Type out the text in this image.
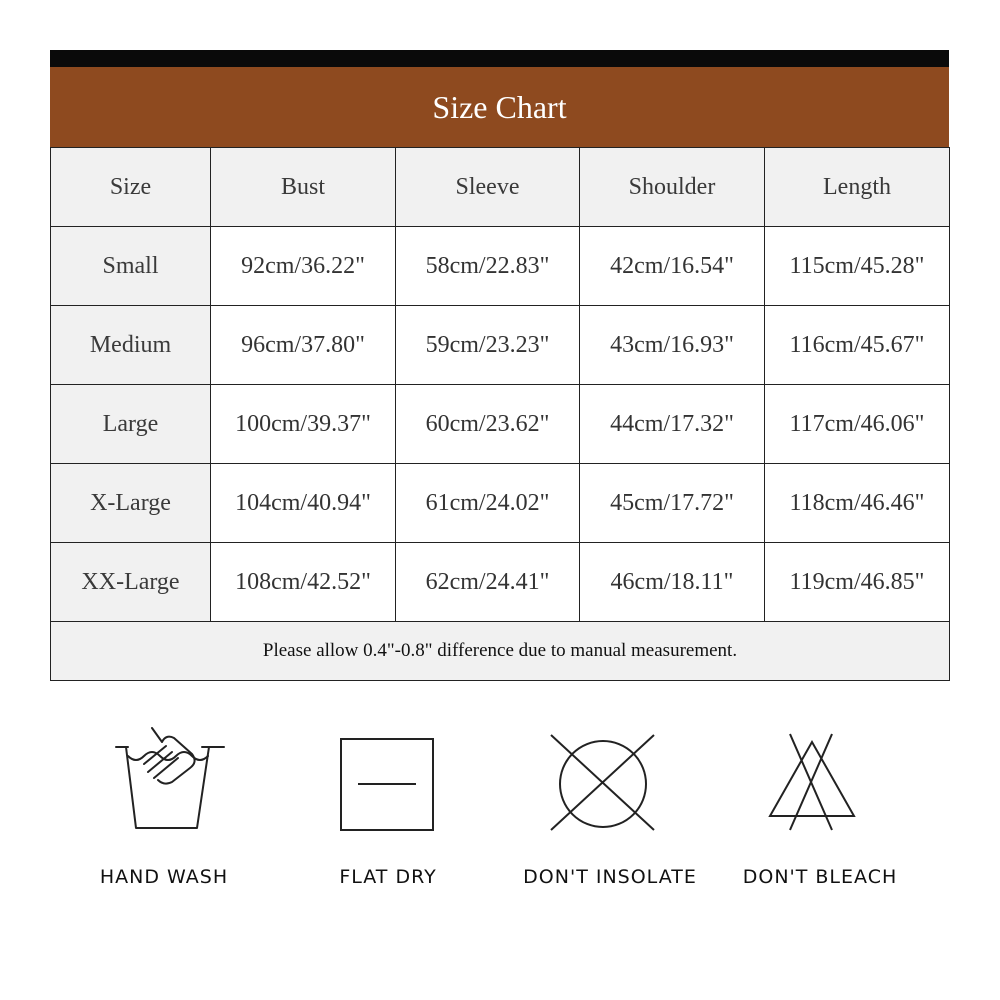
Size Chart
Size	Bust	Sleeve	Shoulder	Length
Small	92cm/36.22"	58cm/22.83"	42cm/16.54"	115cm/45.28"
Medium	96cm/37.80"	59cm/23.23"	43cm/16.93"	116cm/45.67"
Large	100cm/39.37"	60cm/23.62"	44cm/17.32"	117cm/46.06"
X-Large	104cm/40.94"	61cm/24.02"	45cm/17.72"	118cm/46.46"
XX-Large	108cm/42.52"	62cm/24.41"	46cm/18.11"	119cm/46.85"
Please allow 0.4"-0.8" difference due to manual measurement.				
HAND WASH	FLAT DRY	DON'T INSOLATE	DON'T BLEACH
